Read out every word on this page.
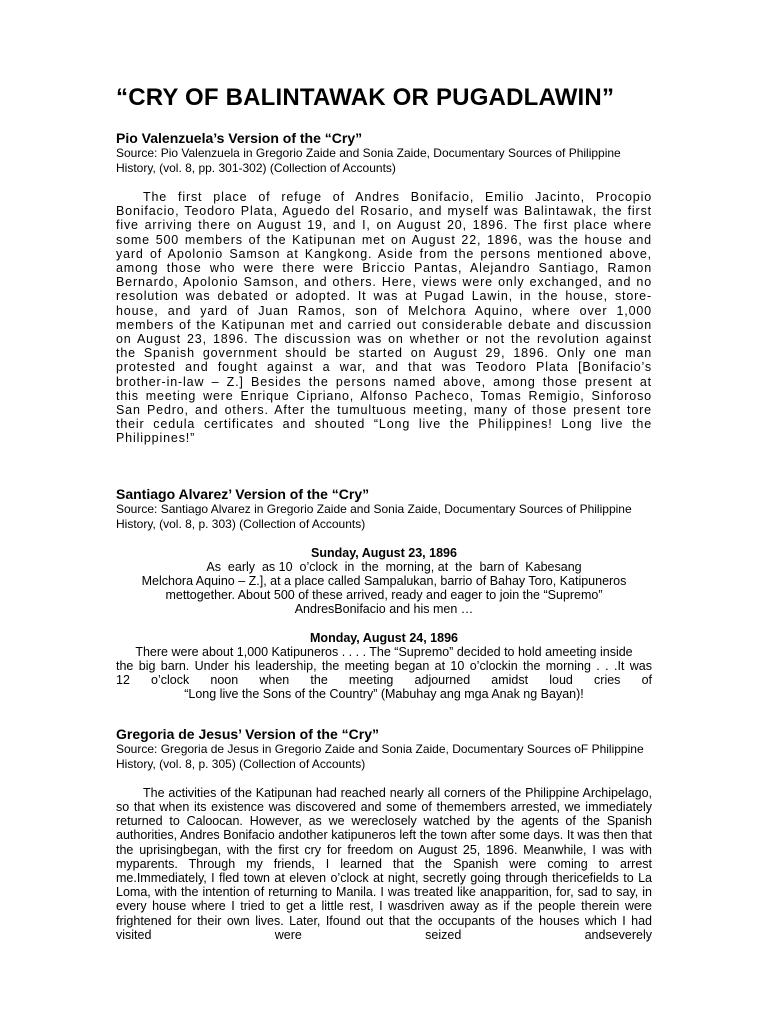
“CRY OF BALINTAWAK OR PUGADLAWIN”
Pio Valenzuela’s Version of the “Cry”

Source: Pio Valenzuela in Gregorio Zaide and Sonia Zaide, Documentary Sources of Philippine History, (vol. 8, pp. 301-302) (Collection of Accounts)

The first place of refuge of Andres Bonifacio, Emilio Jacinto, Procopio Bonifacio, Teodoro Plata, Aguedo del Rosario, and myself was Balintawak, the first five arriving there on August 19, and I, on August 20, 1896. The first place where some 500 members of the Katipunan met on August 22, 1896, was the house and yard of Apolonio Samson at Kangkong. Aside from the persons mentioned above, among those who were there were Briccio Pantas, Alejandro Santiago, Ramon Bernardo, Apolonio Samson, and others. Here, views were only exchanged, and no resolution was debated or adopted. It was at Pugad Lawin, in the house, store-house, and yard of Juan Ramos, son of Melchora Aquino, where over 1,000 members of the Katipunan met and carried out considerable debate and discussion on August 23, 1896. The discussion was on whether or not the revolution against the Spanish government should be started on August 29, 1896. Only one man protested and fought against a war, and that was Teodoro Plata [Bonifacio’s brother-in-law – Z.] Besides the persons named above, among those present at this meeting were Enrique Cipriano, Alfonso Pacheco, Tomas Remigio, Sinforoso San Pedro, and others. After the tumultuous meeting, many of those present tore their cedula certificates and shouted “Long live the Philippines! Long live the Philippines!”

Santiago Alvarez’ Version of the “Cry”

Source: Santiago Alvarez in Gregorio Zaide and Sonia Zaide, Documentary Sources of Philippine History, (vol. 8, p. 303) (Collection of Accounts)

Sunday, August 23, 1896

As  early  as 10  o’clock  in  the  morning, at  the  barn of  Kabesang

Melchora Aquino – Z.], at a place called Sampalukan, barrio of Bahay Toro, Katipuneros

mettogether. About 500 of these arrived, ready and eager to join the “Supremo”

AndresBonifacio and his men …

Monday, August 24, 1896

There were about 1,000 Katipuneros . . . . The “Supremo” decided to hold ameeting inside

the big barn. Under his leadership, the meeting began at 10 o’clockin the morning . . .It was

12 o’clock noon when the meeting adjourned amidst loud cries of

“Long live the Sons of the Country” (Mabuhay ang mga Anak ng Bayan)!

Gregoria de Jesus’ Version of the “Cry”

Source: Gregoria de Jesus in Gregorio Zaide and Sonia Zaide, Documentary Sources oF Philippine History, (vol. 8, p. 305) (Collection of Accounts)

The activities of the Katipunan had reached nearly all corners of the Philippine Archipelago, so that when its existence was discovered and some of themembers arrested, we immediately returned to Caloocan. However, as we wereclosely watched by the agents of the Spanish authorities, Andres Bonifacio andother katipuneros left the town after some days. It was then that the uprisingbegan, with the first cry for freedom on August 25, 1896. Meanwhile, I was with myparents. Through my friends, I learned that the Spanish were coming to arrest me.Immediately, I fled town at eleven o’clock at night, secretly going through thericefields to La Loma, with the intention of returning to Manila. I was treated like anapparition, for, sad to say, in every house where I tried to get a little rest, I wasdriven away as if the people therein were frightened for their own lives. Later, Ifound out that the occupants of the houses which I had visited were seized andseverely
